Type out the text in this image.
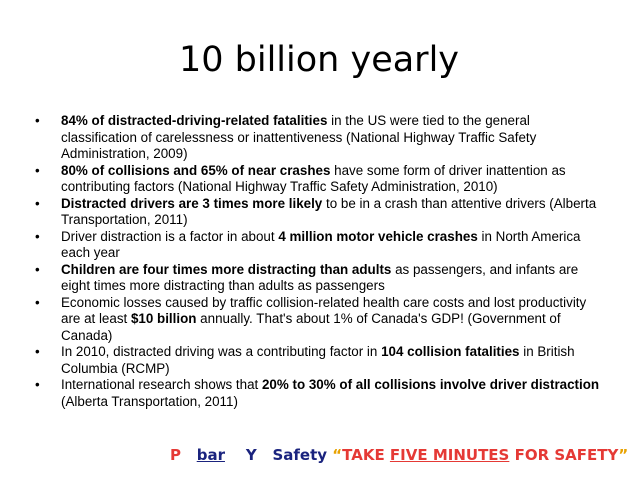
10 billion yearly
• 84% of distracted-driving-related fatalities in the US were tied to the general classification of carelessness or inattentiveness (National Highway Traffic Safety Administration, 2009)
• 80% of collisions and 65% of near crashes have some form of driver inattention as contributing factors (National Highway Traffic Safety Administration, 2010)
• Distracted drivers are 3 times more likely to be in a crash than attentive drivers (Alberta Transportation, 2011)
• Driver distraction is a factor in about 4 million motor vehicle crashes in North America each year
• Children are four times more distracting than adults as passengers, and infants are eight times more distracting than adults as passengers
• Economic losses caused by traffic collision-related health care costs and lost productivity are at least $10 billion annually. That's about 1% of Canada's GDP! (Government of Canada)
• In 2010, distracted driving was a contributing factor in 104 collision fatalities in British Columbia (RCMP)
• International research shows that 20% to 30% of all collisions involve driver distraction (Alberta Transportation, 2011)
P bar Y Safety “TAKE FIVE MINUTES FOR SAFETY”
